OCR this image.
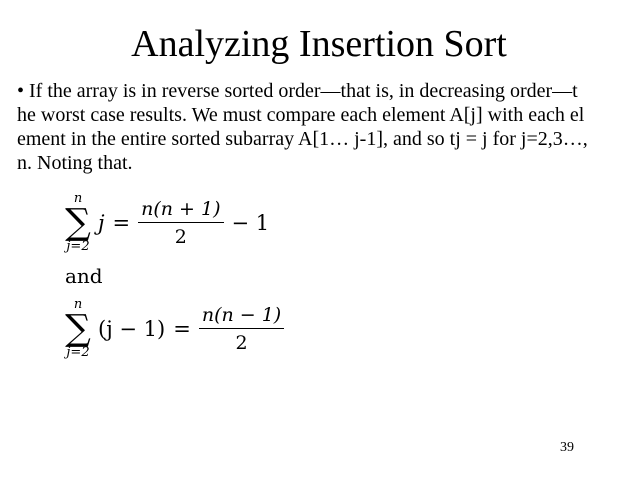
Analyzing Insertion Sort
• If the array is in reverse sorted order—that is, in decreasing order—t
he worst case results. We must compare each element A[j] with each el
ement in the entire sorted subarray A[1… j-1], and so tj = j for j=2,3…,
n. Noting that.
n
∑
j=2
$j = \frac{n(n + 1)}{2} - 1$
and
n
∑
j=2
$(j - 1) = \frac{n(n - 1)}{2}$
39
